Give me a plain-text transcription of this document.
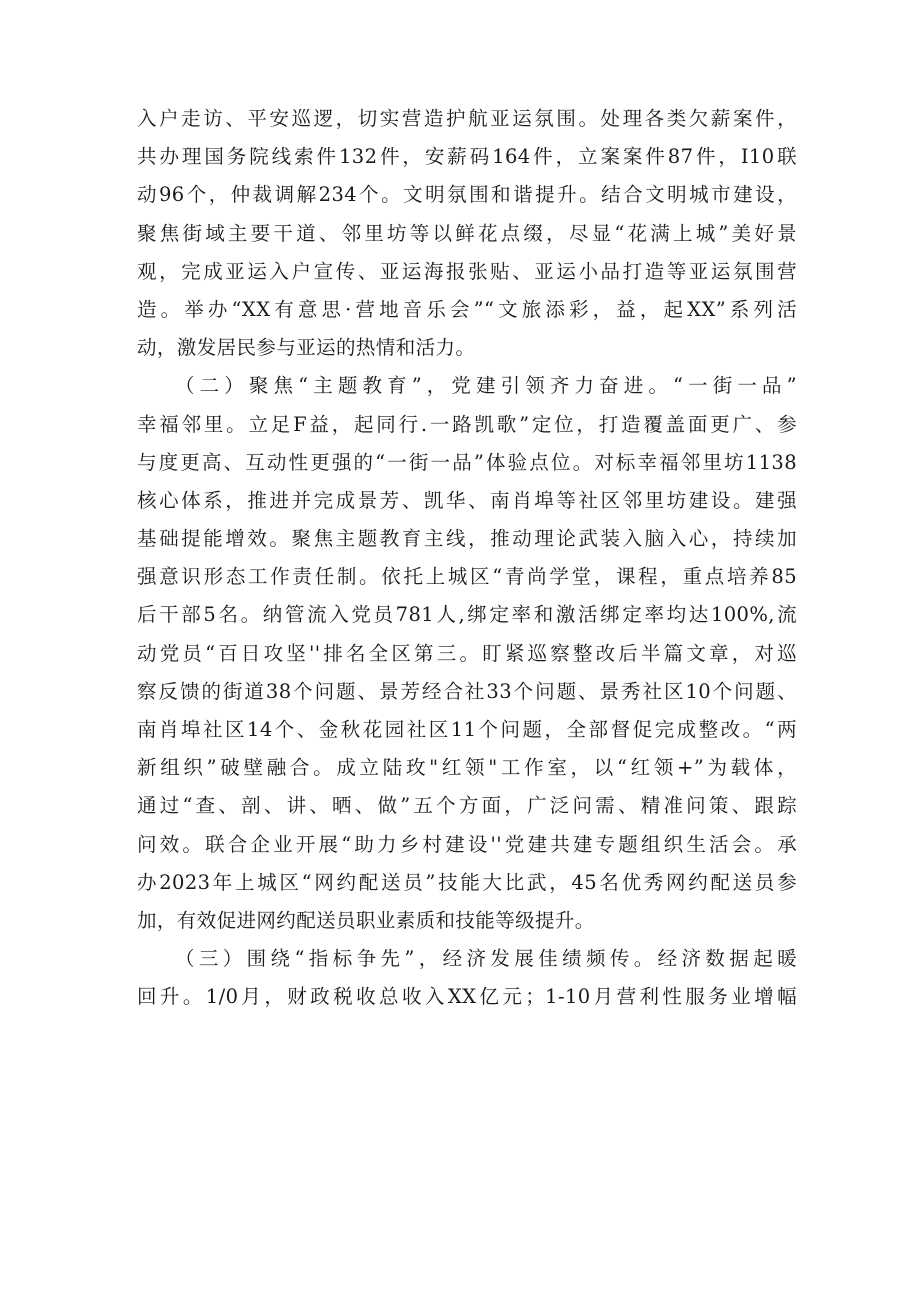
入户走访、平安巡逻，切实营造护航亚运氛围。处理各类欠薪案件，
共办理国务院线索件132件，安薪码164件，立案案件87件，I10联
动96个，仲裁调解234个。文明氛围和谐提升。结合文明城市建设，
聚焦街域主要干道、邻里坊等以鲜花点缀，尽显“花满上城”美好景
观，完成亚运入户宣传、亚运海报张贴、亚运小品打造等亚运氛围营
造。举办“XX有意思·营地音乐会”“文旅添彩，益，起XX”系列活
动，激发居民参与亚运的热情和活力。
（二）聚焦“主题教育”，党建引领齐力奋进。“一街一品”
幸福邻里。立足F益，起同行.一路凯歌”定位，打造覆盖面更广、参
与度更高、互动性更强的“一街一品”体验点位。对标幸福邻里坊1138
核心体系，推进并完成景芳、凯华、南肖埠等社区邻里坊建设。建强
基础提能增效。聚焦主题教育主线，推动理论武装入脑入心，持续加
强意识形态工作责任制。依托上城区“青尚学堂，课程，重点培养85
后干部5名。纳管流入党员781人,绑定率和激活绑定率均达100%,流
动党员“百日攻坚''排名全区第三。盯紧巡察整改后半篇文章，对巡
察反馈的街道38个问题、景芳经合社33个问题、景秀社区10个问题、
南肖埠社区14个、金秋花园社区11个问题，全部督促完成整改。“两
新组织”破壁融合。成立陆玫"红领"工作室，以“红领+”为载体，
通过“查、剖、讲、晒、做”五个方面，广泛问需、精准问策、跟踪
问效。联合企业开展“助力乡村建设''党建共建专题组织生活会。承
办2023年上城区“网约配送员”技能大比武，45名优秀网约配送员参
加，有效促进网约配送员职业素质和技能等级提升。
（三）围绕“指标争先”，经济发展佳绩频传。经济数据起暖
回升。1/0月，财政税收总收入XX亿元；1-10月营利性服务业增幅
